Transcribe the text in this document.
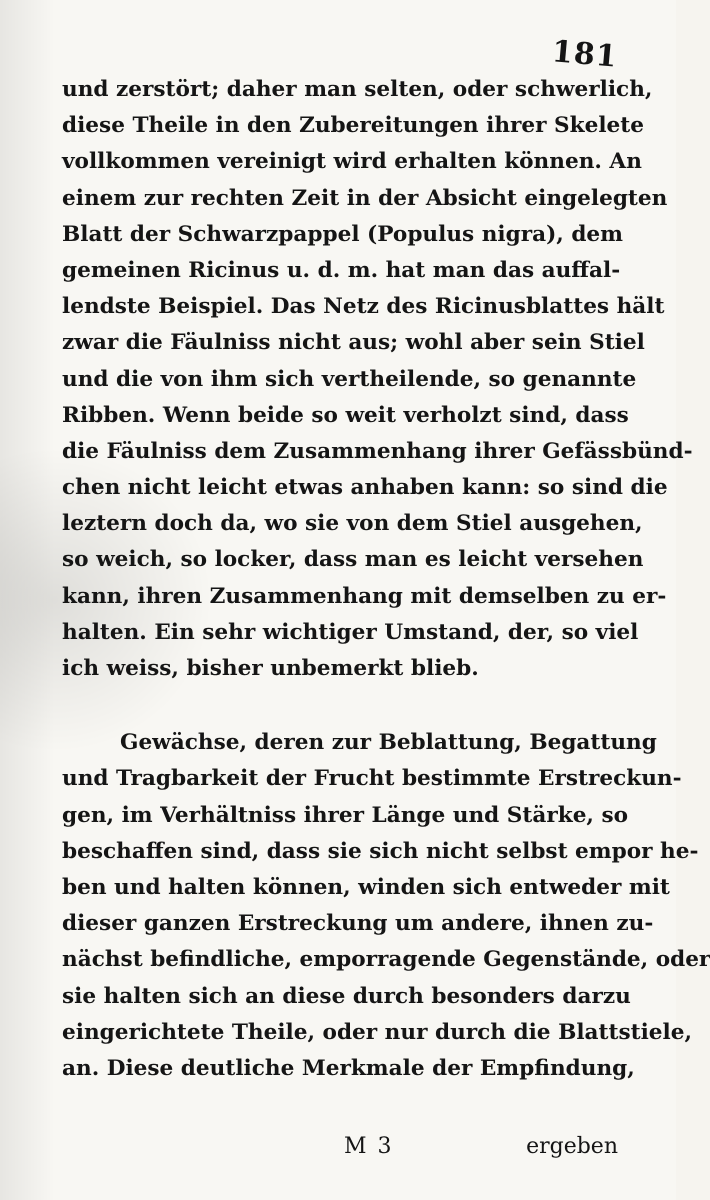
181
und zerstört; daher man selten, oder schwerlich,
diese Theile in den Zubereitungen ihrer Skelete
vollkommen vereinigt wird erhalten können. An
einem zur rechten Zeit in der Absicht eingelegten
Blatt der Schwarzpappel (Populus nigra), dem
gemeinen Ricinus u. d. m. hat man das auffal-
lendste Beispiel. Das Netz des Ricinusblattes hält
zwar die Fäulniss nicht aus; wohl aber sein Stiel
und die von ihm sich vertheilende, so genannte
Ribben. Wenn beide so weit verholzt sind, dass
die Fäulniss dem Zusammenhang ihrer Gefässbünd-
chen nicht leicht etwas anhaben kann: so sind die
leztern doch da, wo sie von dem Stiel ausgehen,
so weich, so locker, dass man es leicht versehen
kann, ihren Zusammenhang mit demselben zu er-
halten. Ein sehr wichtiger Umstand, der, so viel
ich weiss, bisher unbemerkt blieb.
Gewächse, deren zur Beblattung, Begattung
und Tragbarkeit der Frucht bestimmte Erstreckun-
gen, im Verhältniss ihrer Länge und Stärke, so
beschaffen sind, dass sie sich nicht selbst empor he-
ben und halten können, winden sich entweder mit
dieser ganzen Erstreckung um andere, ihnen zu-
nächst befindliche, emporragende Gegenstände, oder
sie halten sich an diese durch besonders darzu
eingerichtete Theile, oder nur durch die Blattstiele,
an. Diese deutliche Merkmale der Empfindung,
M 3	ergeben
